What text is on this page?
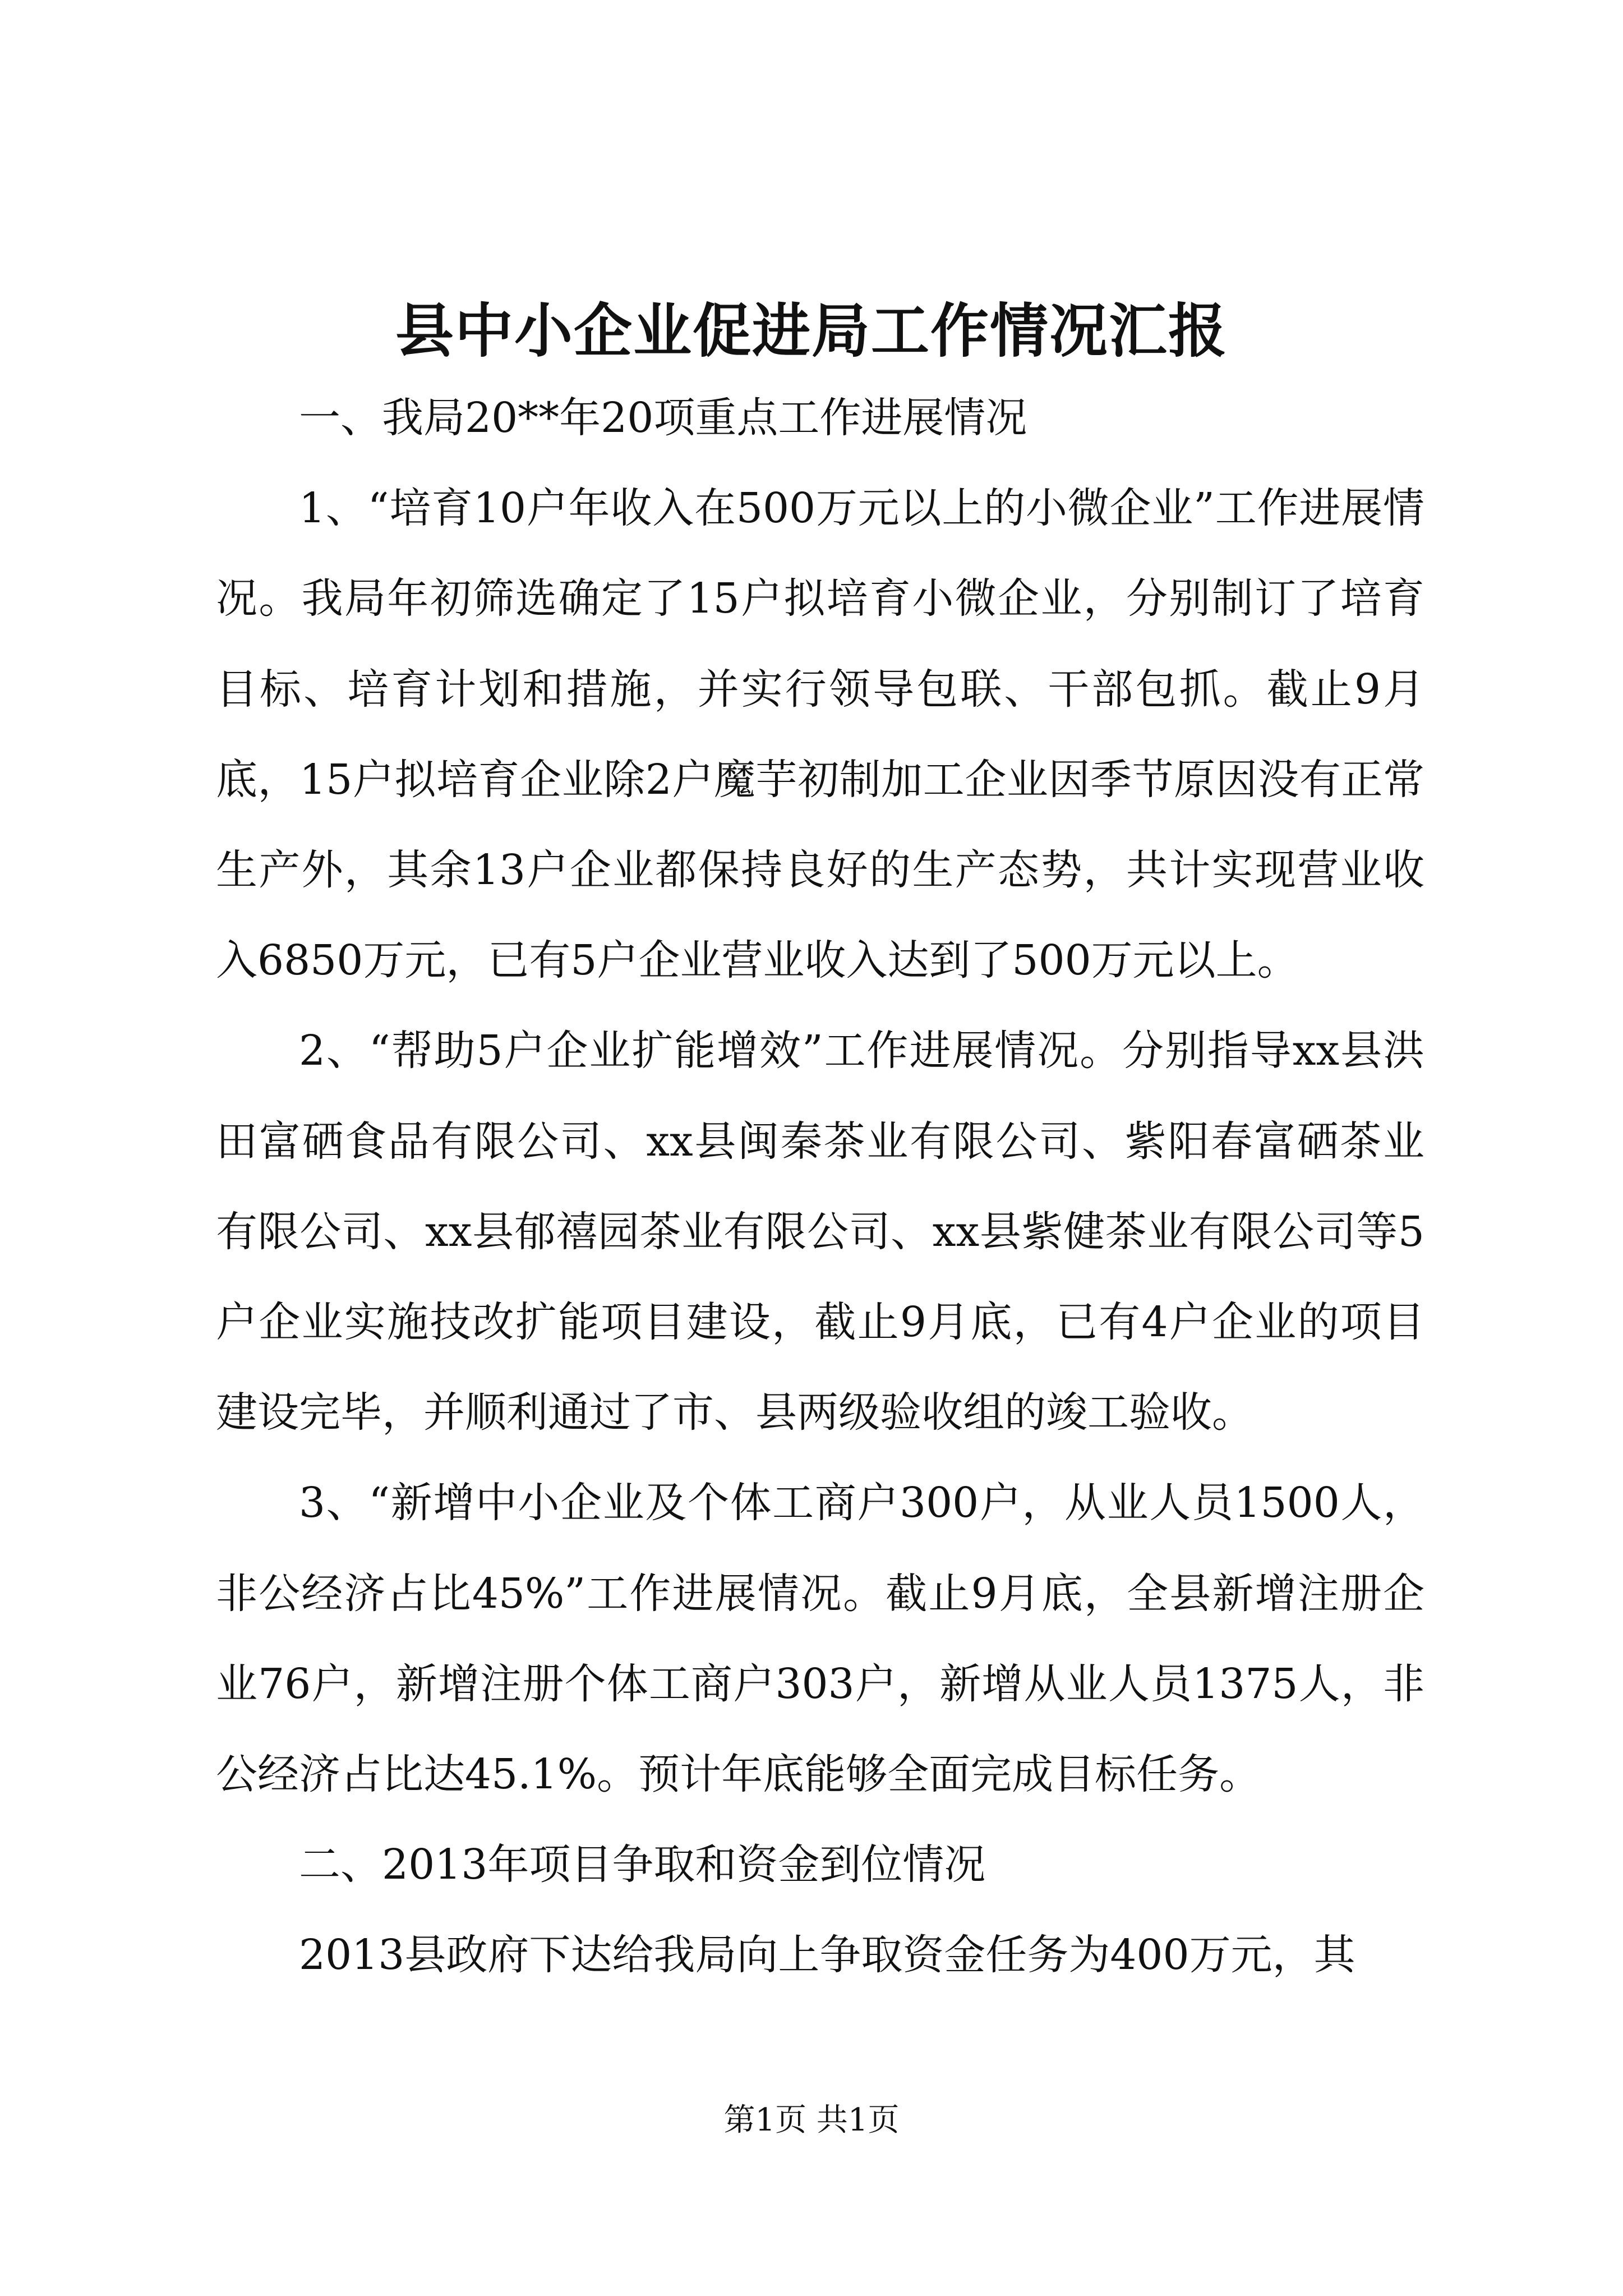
县中小企业促进局工作情况汇报

一、我局20**年20项重点工作进展情况

1、“培育10户年收入在500万元以上的小微企业”工作进展情况。我局年初筛选确定了15户拟培育小微企业，分别制订了培育目标、培育计划和措施，并实行领导包联、干部包抓。截止9月底，15户拟培育企业除2户魔芋初制加工企业因季节原因没有正常生产外，其余13户企业都保持良好的生产态势，共计实现营业收入6850万元，已有5户企业营业收入达到了500万元以上。

2、“帮助5户企业扩能增效”工作进展情况。分别指导xx县洪田富硒食品有限公司、xx县闽秦茶业有限公司、紫阳春富硒茶业有限公司、xx县郁禧园茶业有限公司、xx县紫健茶业有限公司等5户企业实施技改扩能项目建设，截止9月底，已有4户企业的项目建设完毕，并顺利通过了市、县两级验收组的竣工验收。

3、“新增中小企业及个体工商户300户，从业人员1500人，非公经济占比45%”工作进展情况。截止9月底，全县新增注册企业76户，新增注册个体工商户303户，新增从业人员1375人，非公经济占比达45.1%。预计年底能够全面完成目标任务。

二、2013年项目争取和资金到位情况

2013县政府下达给我局向上争取资金任务为400万元，其

第1页 共1页
